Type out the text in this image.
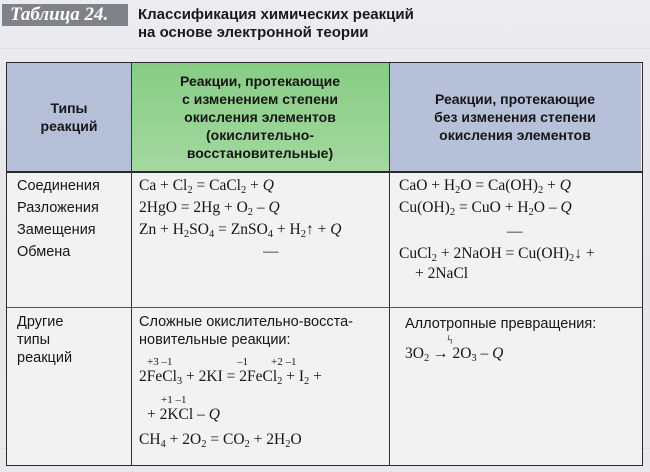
Таблица 24.	Классификация химических реакций
на основе электронной теории
Типы
реакций
Реакции, протекающие
с изменением степени
окисления элементов
(окислительно-
восстановительные)
Реакции, протекающие
без изменения степени
окисления элементов
Соединения
Разложения
Замещения
Обмена
$Ca + Cl_2$ = CaCl$_2$ + Q
$2HgO = 2Hg + O_2 - Q$
$Zn + H_2SO_4$ = ZnSO$_4$ + $H_2↑ + Q$
—
CaO + $H_2O = Ca(OH)_2 + Q$
$Cu(OH)_2$ = CuO + $H_2O$ – Q
—
CuCl$_2$ + 2NaOH = $Cu(OH)_2↓$ +
+ 2NaCl
Другие
типы
реакций
Сложные окислительно-восста-
новительные реакции:
+3 –1	–1 +2 –1
2FeCl$_3$ + 2KI = 2FeCl$_2$ + $I_2$ +
+1 –1
+ 2KCl – Q
$CH_4 + 2O_2 = CO_2 + 2H_2O$
Аллотропные превращения:
ϟ
$3O_2 \to 2O_3 - Q$
